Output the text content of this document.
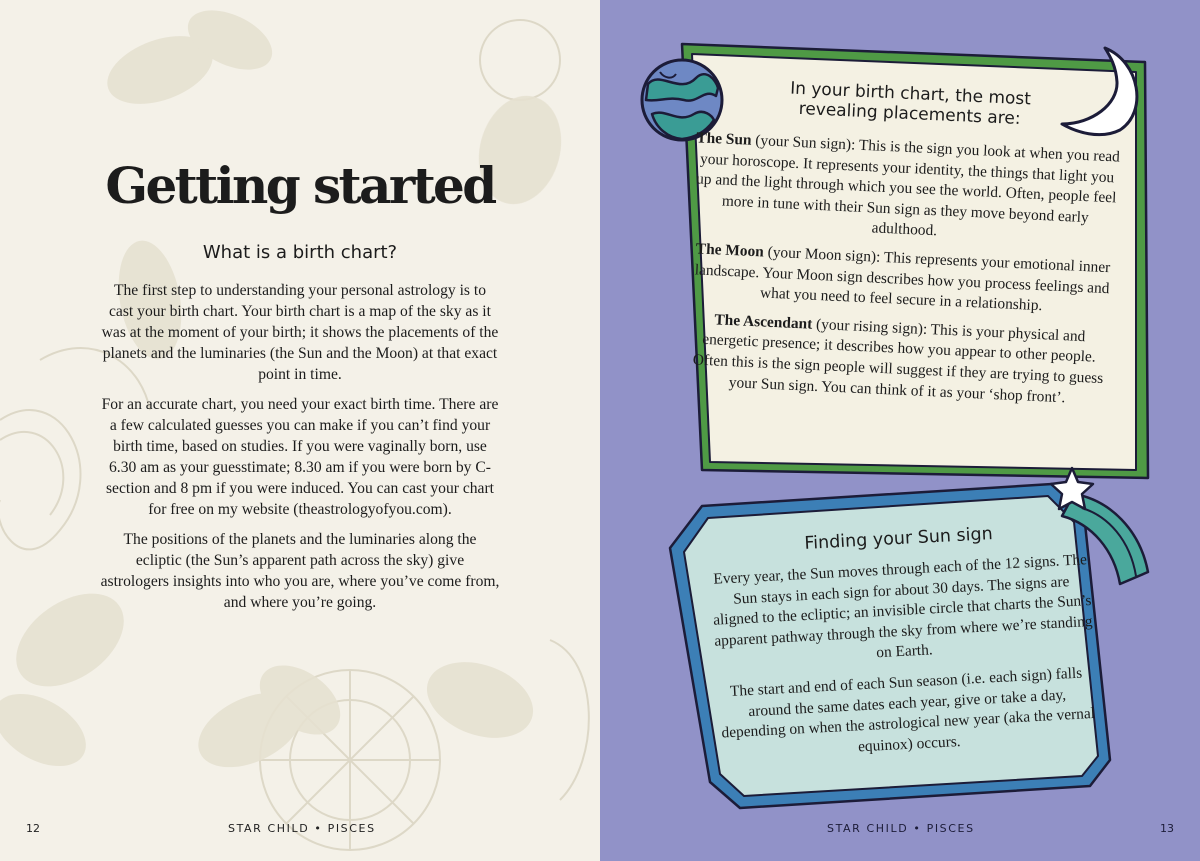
Getting started
What is a birth chart?

The first step to understanding your personal astrology is to cast your birth chart. Your birth chart is a map of the sky as it was at the moment of your birth; it shows the placements of the planets and the luminaries (the Sun and the Moon) at that exact point in time.

For an accurate chart, you need your exact birth time. There are a few calculated guesses you can make if you can’t find your birth time, based on studies. If you were vaginally born, use 6.30 am as your guesstimate; 8.30 am if you were born by C-section and 8 pm if you were induced. You can cast your chart for free on my website (theastrologyofyou.com).

The positions of the planets and the luminaries along the ecliptic (the Sun’s apparent path across the sky) give astrologers insights into who you are, where you’ve come from, and where you’re going.

12	STAR CHILD • PISCES
In your birth chart, the most revealing placements are:

The Sun (your Sun sign): This is the sign you look at when you read your horoscope. It represents your identity, the things that light you up and the light through which you see the world. Often, people feel more in tune with their Sun sign as they move beyond early adulthood.

The Moon (your Moon sign): This represents your emotional inner landscape. Your Moon sign describes how you process feelings and what you need to feel secure in a relationship.

The Ascendant (your rising sign): This is your physical and energetic presence; it describes how you appear to other people. Often this is the sign people will suggest if they are trying to guess your Sun sign. You can think of it as your ‘shop front’.

Finding your Sun sign

Every year, the Sun moves through each of the 12 signs. The Sun stays in each sign for about 30 days. The signs are aligned to the ecliptic; an invisible circle that charts the Sun’s apparent pathway through the sky from where we’re standing on Earth.

The start and end of each Sun season (i.e. each sign) falls around the same dates each year, give or take a day, depending on when the astrological new year (aka the vernal equinox) occurs.

STAR CHILD • PISCES	13
